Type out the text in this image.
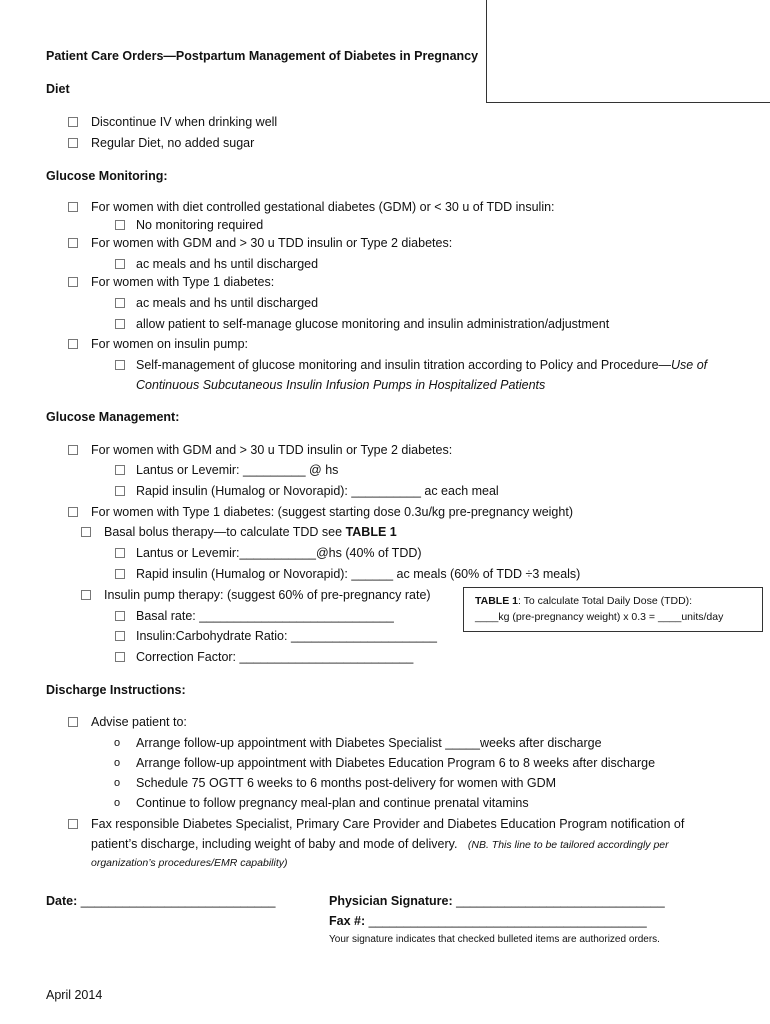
Patient Care Orders—Postpartum Management of Diabetes in Pregnancy
Diet
Discontinue IV when drinking well
Regular Diet, no added sugar
Glucose Monitoring:
For women with diet controlled gestational diabetes (GDM) or < 30 u of TDD insulin:
No monitoring required
For women with GDM and > 30 u TDD insulin or Type 2 diabetes:
ac meals and hs until discharged
For women with Type 1 diabetes:
ac meals and hs until discharged
allow patient to self-manage glucose monitoring and insulin administration/adjustment
For women on insulin pump:
Self-management of glucose monitoring and insulin titration according to Policy and Procedure—Use of
Continuous Subcutaneous Insulin Infusion Pumps in Hospitalized Patients
Glucose Management:
For women with GDM and > 30 u TDD insulin or Type 2 diabetes:
Lantus or Levemir: _________ @ hs
Rapid insulin (Humalog or Novorapid): __________ ac each meal
For women with Type 1 diabetes: (suggest starting dose 0.3u/kg pre-pregnancy weight)
Basal bolus therapy—to calculate TDD see TABLE 1
Lantus or Levemir:___________@hs (40% of TDD)
Rapid insulin (Humalog or Novorapid): ______ ac meals (60% of TDD ÷3 meals)
Insulin pump therapy: (suggest 60% of pre-pregnancy rate)
Basal rate: ____________________________
Insulin:Carbohydrate Ratio: _____________________
Correction Factor: _________________________
TABLE 1: To calculate Total Daily Dose (TDD):
____kg (pre-pregnancy weight) x 0.3 = ____units/day
Discharge Instructions:
Advise patient to:
o Arrange follow-up appointment with Diabetes Specialist _____weeks after discharge
o Arrange follow-up appointment with Diabetes Education Program 6 to 8 weeks after discharge
o Schedule 75 OGTT 6 weeks to 6 months post-delivery for women with GDM
o Continue to follow pregnancy meal-plan and continue prenatal vitamins
Fax responsible Diabetes Specialist, Primary Care Provider and Diabetes Education Program notification of
patient’s discharge, including weight of baby and mode of delivery. (NB. This line to be tailored accordingly per
organization’s procedures/EMR capability)
Date: ____________________________	Physician Signature: ______________________________
Fax #: ________________________________________
Your signature indicates that checked bulleted items are authorized orders.
April 2014
